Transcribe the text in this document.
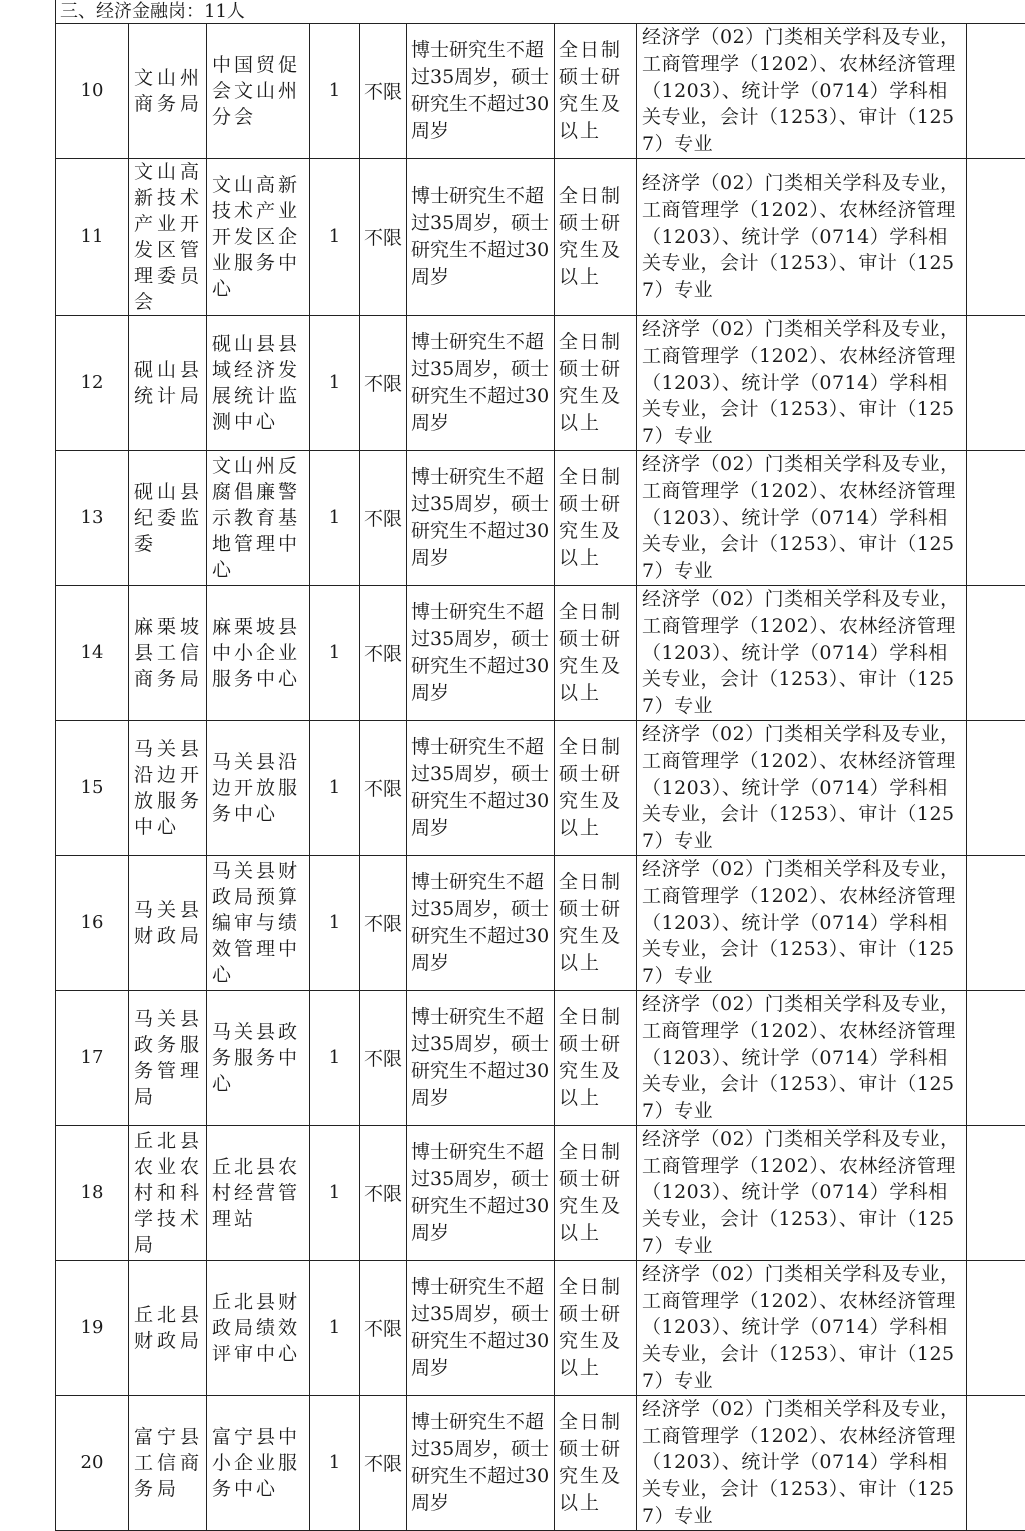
三、经济金融岗：11人
10	文山州商务局	中国贸促会文山州分会	1	不限	博士研究生不超过35周岁，硕士研究生不超过30周岁	全日制硕士研究生及以上	经济学（02）门类相关学科及专业，工商管理学（1202）、农林经济管理（1203）、统计学（0714）学科相关专业，会计（1253）、审计（1257）专业	
11	文山高新技术产业开发区管理委员会	文山高新技术产业开发区企业服务中心	1	不限	博士研究生不超过35周岁，硕士研究生不超过30周岁	全日制硕士研究生及以上	经济学（02）门类相关学科及专业，工商管理学（1202）、农林经济管理（1203）、统计学（0714）学科相关专业，会计（1253）、审计（1257）专业	
12	砚山县统计局	砚山县县域经济发展统计监测中心	1	不限	博士研究生不超过35周岁，硕士研究生不超过30周岁	全日制硕士研究生及以上	经济学（02）门类相关学科及专业，工商管理学（1202）、农林经济管理（1203）、统计学（0714）学科相关专业，会计（1253）、审计（1257）专业	
13	砚山县纪委监委	文山州反腐倡廉警示教育基地管理中心	1	不限	博士研究生不超过35周岁，硕士研究生不超过30周岁	全日制硕士研究生及以上	经济学（02）门类相关学科及专业，工商管理学（1202）、农林经济管理（1203）、统计学（0714）学科相关专业，会计（1253）、审计（1257）专业	
14	麻栗坡县工信商务局	麻栗坡县中小企业服务中心	1	不限	博士研究生不超过35周岁，硕士研究生不超过30周岁	全日制硕士研究生及以上	经济学（02）门类相关学科及专业，工商管理学（1202）、农林经济管理（1203）、统计学（0714）学科相关专业，会计（1253）、审计（1257）专业	
15	马关县沿边开放服务中心	马关县沿边开放服务中心	1	不限	博士研究生不超过35周岁，硕士研究生不超过30周岁	全日制硕士研究生及以上	经济学（02）门类相关学科及专业，工商管理学（1202）、农林经济管理（1203）、统计学（0714）学科相关专业，会计（1253）、审计（1257）专业	
16	马关县财政局	马关县财政局预算编审与绩效管理中心	1	不限	博士研究生不超过35周岁，硕士研究生不超过30周岁	全日制硕士研究生及以上	经济学（02）门类相关学科及专业，工商管理学（1202）、农林经济管理（1203）、统计学（0714）学科相关专业，会计（1253）、审计（1257）专业	
17	马关县政务服务管理局	马关县政务服务中心	1	不限	博士研究生不超过35周岁，硕士研究生不超过30周岁	全日制硕士研究生及以上	经济学（02）门类相关学科及专业，工商管理学（1202）、农林经济管理（1203）、统计学（0714）学科相关专业，会计（1253）、审计（1257）专业	
18	丘北县农业农村和科学技术局	丘北县农村经营管理站	1	不限	博士研究生不超过35周岁，硕士研究生不超过30周岁	全日制硕士研究生及以上	经济学（02）门类相关学科及专业，工商管理学（1202）、农林经济管理（1203）、统计学（0714）学科相关专业，会计（1253）、审计（1257）专业	
19	丘北县财政局	丘北县财政局绩效评审中心	1	不限	博士研究生不超过35周岁，硕士研究生不超过30周岁	全日制硕士研究生及以上	经济学（02）门类相关学科及专业，工商管理学（1202）、农林经济管理（1203）、统计学（0714）学科相关专业，会计（1253）、审计（1257）专业	
20	富宁县工信商务局	富宁县中小企业服务中心	1	不限	博士研究生不超过35周岁，硕士研究生不超过30周岁	全日制硕士研究生及以上	经济学（02）门类相关学科及专业，工商管理学（1202）、农林经济管理（1203）、统计学（0714）学科相关专业，会计（1253）、审计（1257）专业	
